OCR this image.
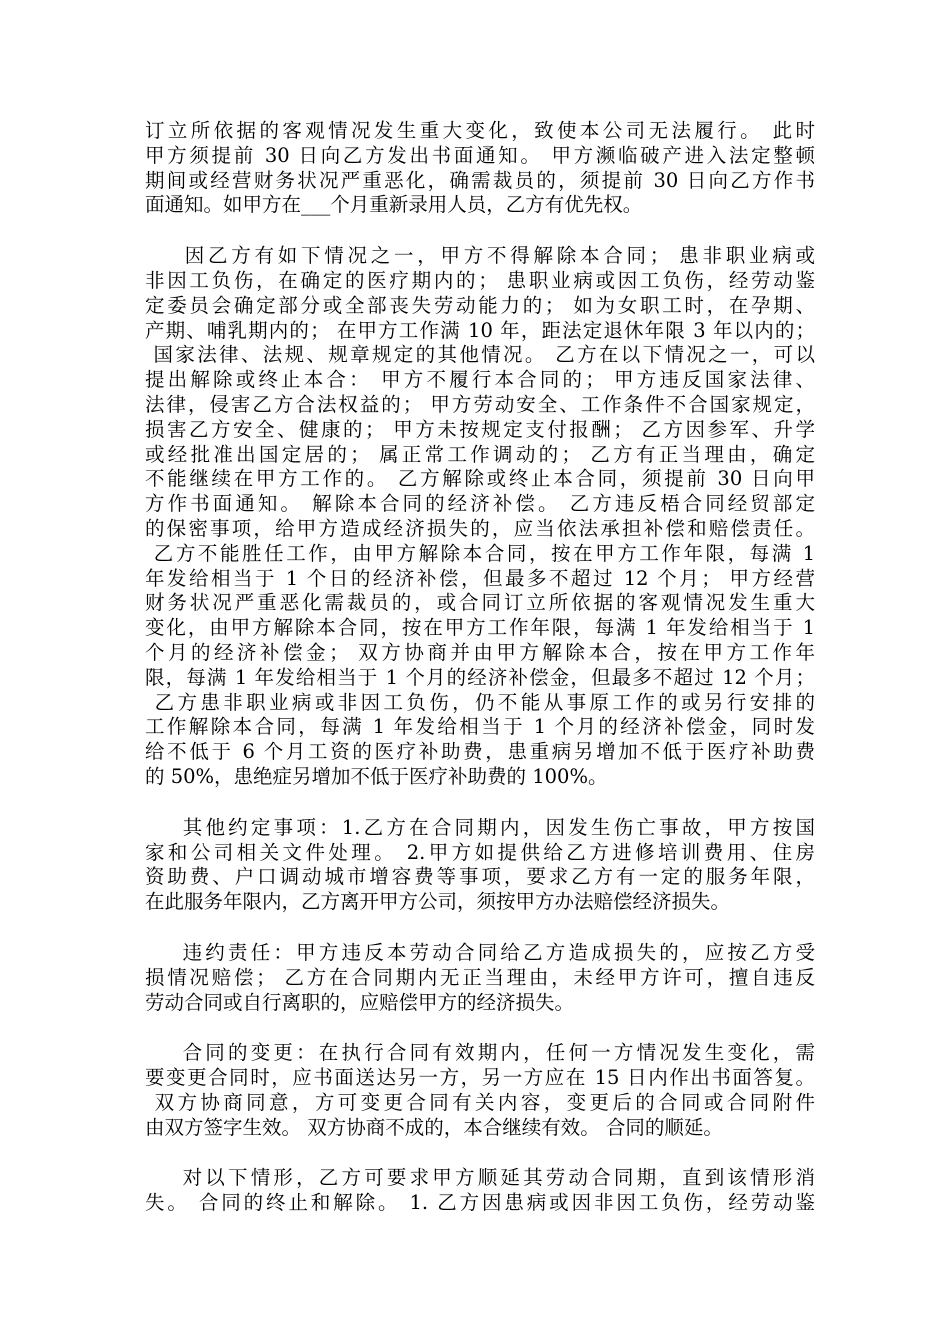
订立所依据的客观情况发生重大变化，致使本公司无法履行。 此时
甲方须提前 30 日向乙方发出书面通知。 甲方濒临破产进入法定整顿
期间或经营财务状况严重恶化，确需裁员的，须提前 30 日向乙方作书
面通知。如甲方在___个月重新录用人员，乙方有优先权。
因乙方有如下情况之一，甲方不得解除本合同； 患非职业病或
非因工负伤，在确定的医疗期内的； 患职业病或因工负伤，经劳动鉴
定委员会确定部分或全部丧失劳动能力的； 如为女职工时，在孕期、
产期、哺乳期内的； 在甲方工作满 10 年，距法定退休年限 3 年以内的；
国家法律、法规、规章规定的其他情况。 乙方在以下情况之一，可以
提出解除或终止本合： 甲方不履行本合同的； 甲方违反国家法律、
法律，侵害乙方合法权益的； 甲方劳动安全、工作条件不合国家规定，
损害乙方安全、健康的； 甲方未按规定支付报酬； 乙方因参军、升学
或经批准出国定居的； 属正常工作调动的； 乙方有正当理由，确定
不能继续在甲方工作的。 乙方解除或终止本合同，须提前 30 日向甲
方作书面通知。 解除本合同的经济补偿。 乙方违反梧合同经贸部定
的保密事项，给甲方造成经济损失的，应当依法承担补偿和赔偿责任。
乙方不能胜任工作，由甲方解除本合同，按在甲方工作年限，每满 1
年发给相当于 1 个日的经济补偿，但最多不超过 12 个月； 甲方经营
财务状况严重恶化需裁员的，或合同订立所依据的客观情况发生重大
变化，由甲方解除本合同，按在甲方工作年限，每满 1 年发给相当于 1
个月的经济补偿金； 双方协商并由甲方解除本合，按在甲方工作年
限，每满 1 年发给相当于 1 个月的经济补偿金，但最多不超过 12 个月；
乙方患非职业病或非因工负伤，仍不能从事原工作的或另行安排的
工作解除本合同，每满 1 年发给相当于 1 个月的经济补偿金，同时发
给不低于 6 个月工资的医疗补助费，患重病另增加不低于医疗补助费
的 50%，患绝症另增加不低于医疗补助费的 100%。
其他约定事项：1.乙方在合同期内，因发生伤亡事故，甲方按国
家和公司相关文件处理。 2.甲方如提供给乙方进修培训费用、住房
资助费、户口调动城市增容费等事项，要求乙方有一定的服务年限，
在此服务年限内，乙方离开甲方公司，须按甲方办法赔偿经济损失。
违约责任：甲方违反本劳动合同给乙方造成损失的，应按乙方受
损情况赔偿； 乙方在合同期内无正当理由，未经甲方许可，擅自违反
劳动合同或自行离职的，应赔偿甲方的经济损失。
合同的变更：在执行合同有效期内，任何一方情况发生变化，需
要变更合同时，应书面送达另一方，另一方应在 15 日内作出书面答复。
双方协商同意，方可变更合同有关内容，变更后的合同或合同附件
由双方签字生效。 双方协商不成的，本合继续有效。 合同的顺延。
对以下情形，乙方可要求甲方顺延其劳动合同期，直到该情形消
失。 合同的终止和解除。 1. 乙方因患病或因非因工负伤，经劳动鉴
